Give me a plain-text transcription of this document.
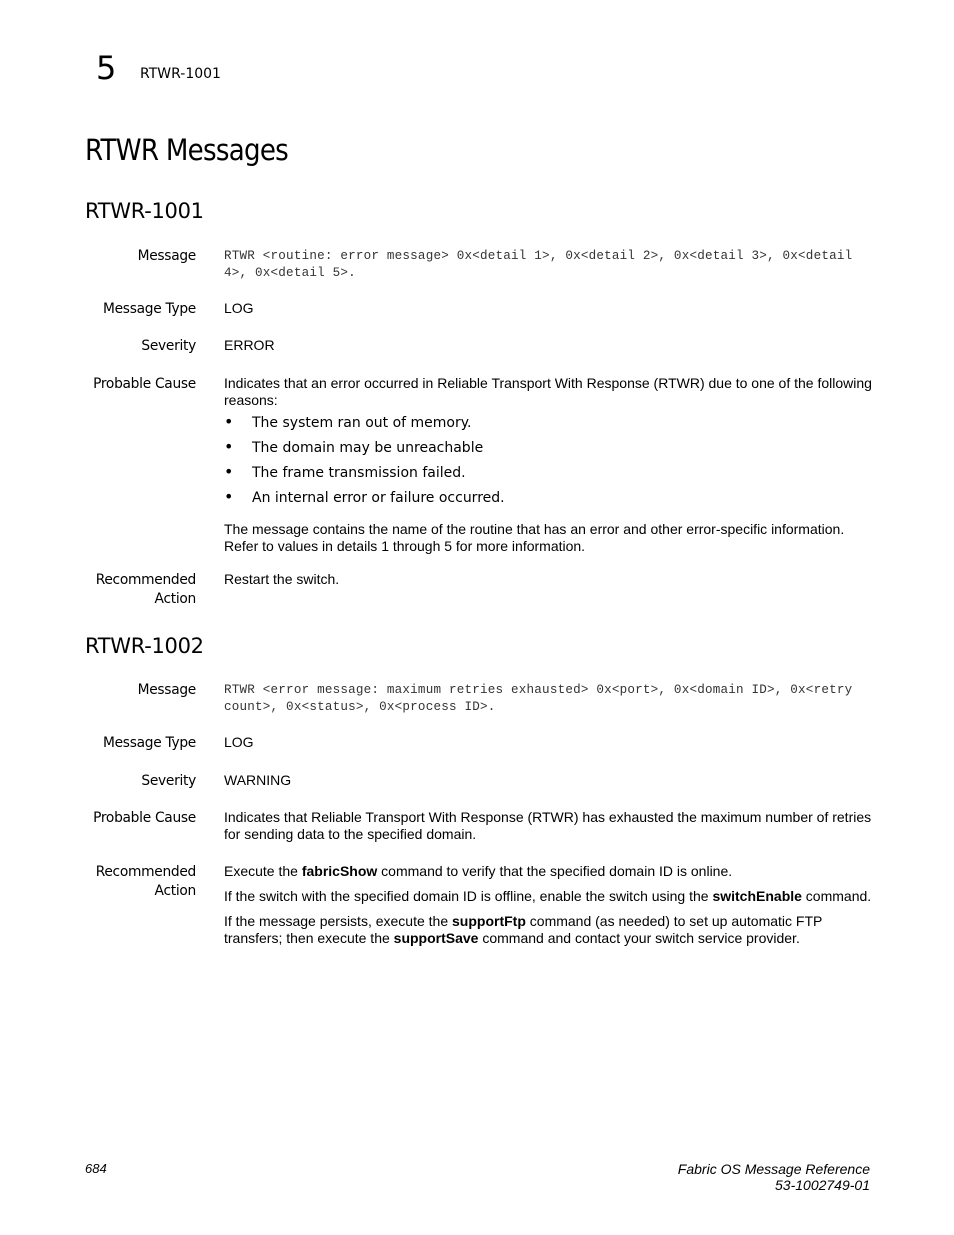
5 RTWR-1001
RTWR Messages
RTWR-1001
Message RTWR <routine: error message> 0x<detail 1>, 0x<detail 2>, 0x<detail 3>, 0x<detail
4>, 0x<detail 5>.
Message Type LOG
Severity ERROR
Probable Cause Indicates that an error occurred in Reliable Transport With Response (RTWR) due to one of the following reasons:

• The system ran out of memory.
• The domain may be unreachable
• The frame transmission failed.
• An internal error or failure occurred.

The message contains the name of the routine that has an error and other error-specific information. Refer to values in details 1 through 5 for more information.

Recommended
Action
Restart the switch.
RTWR-1002
Message RTWR <error message: maximum retries exhausted> 0x<port>, 0x<domain ID>, 0x<retry
count>, 0x<status>, 0x<process ID>.
Message Type LOG
Severity WARNING
Probable Cause Indicates that Reliable Transport With Response (RTWR) has exhausted the maximum number of retries for sending data to the specified domain.
Recommended
Action

Execute the fabricShow command to verify that the specified domain ID is online.

If the switch with the specified domain ID is offline, enable the switch using the switchEnable command.

If the message persists, execute the supportFtp command (as needed) to set up automatic FTP transfers; then execute the supportSave command and contact your switch service provider.

684	Fabric OS Message Reference
53-1002749-01
